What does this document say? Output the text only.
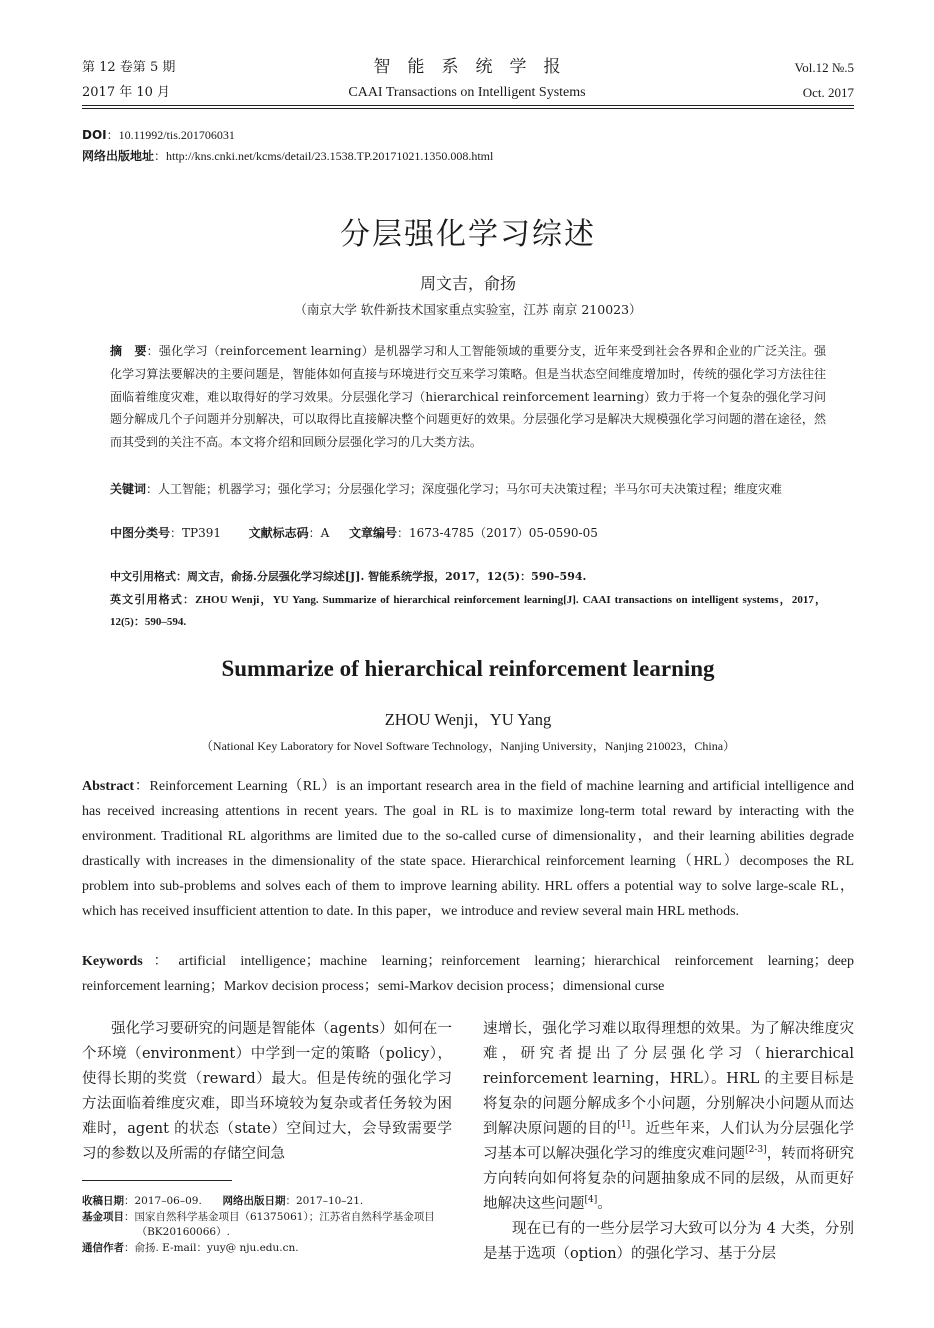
第 12 卷第 5 期
2017 年 10 月
智　能　系　统　学　报
CAAI Transactions on Intelligent Systems
Vol.12 №.5
Oct. 2017
DOI：10.11992/tis.201706031
网络出版地址：http://kns.cnki.net/kcms/detail/23.1538.TP.20171021.1350.008.html
分层强化学习综述
周文吉，俞扬
（南京大学 软件新技术国家重点实验室，江苏 南京 210023）
摘　要：强化学习（reinforcement learning）是机器学习和人工智能领域的重要分支，近年来受到社会各界和企业的广泛关注。强化学习算法要解决的主要问题是，智能体如何直接与环境进行交互来学习策略。但是当状态空间维度增加时，传统的强化学习方法往往面临着维度灾难，难以取得好的学习效果。分层强化学习（hierarchical reinforcement learning）致力于将一个复杂的强化学习问题分解成几个子问题并分别解决，可以取得比直接解决整个问题更好的效果。分层强化学习是解决大规模强化学习问题的潜在途径，然而其受到的关注不高。本文将介绍和回顾分层强化学习的几大类方法。
关键词：人工智能；机器学习；强化学习；分层强化学习；深度强化学习；马尔可夫决策过程；半马尔可夫决策过程；维度灾难
中图分类号：TP391 文献标志码：A 文章编号：1673-4785（2017）05-0590-05
中文引用格式：周文吉，俞扬.分层强化学习综述[J]. 智能系统学报，2017，12(5)：590–594.
英文引用格式：ZHOU Wenji，YU Yang. Summarize of hierarchical reinforcement learning[J]. CAAI transactions on intelligent systems，2017，12(5)：590–594.
Summarize of hierarchical reinforcement learning
ZHOU Wenji，YU Yang
（National Key Laboratory for Novel Software Technology，Nanjing University，Nanjing 210023，China）
Abstract：Reinforcement Learning（RL）is an important research area in the field of machine learning and artificial intelligence and has received increasing attentions in recent years. The goal in RL is to maximize long-term total reward by interacting with the environment. Traditional RL algorithms are limited due to the so-called curse of dimensionality，and their learning abilities degrade drastically with increases in the dimensionality of the state space. Hierarchical reinforcement learning（HRL）decomposes the RL problem into sub-problems and solves each of them to improve learning ability. HRL offers a potential way to solve large-scale RL，which has received insufficient attention to date. In this paper，we introduce and review several main HRL methods.
Keywords：artificial intelligence；machine learning；reinforcement learning；hierarchical reinforcement learning；deep reinforcement learning；Markov decision process；semi-Markov decision process；dimensional curse

强化学习要研究的问题是智能体（agents）如何在一个环境（environment）中学到一定的策略（policy），使得长期的奖赏（reward）最大。但是传统的强化学习方法面临着维度灾难，即当环境较为复杂或者任务较为困难时，agent 的状态（state）空间过大，会导致需要学习的参数以及所需的存储空间急

收稿日期：2017–06–09. 网络出版日期：2017–10–21.
基金项目：国家自然科学基金项目（61375061）；江苏省自然科学基金项目（BK20160066）.
通信作者：俞扬. E-mail：yuy@ nju.edu.cn.

速增长，强化学习难以取得理想的效果。为了解决维度灾难，研究者提出了分层强化学习（hierarchical reinforcement learning，HRL）。HRL 的主要目标是将复杂的问题分解成多个小问题，分别解决小问题从而达到解决原问题的目的[1]。近些年来，人们认为分层强化学习基本可以解决强化学习的维度灾难问题[2-3]，转而将研究方向转向如何将复杂的问题抽象成不同的层级，从而更好地解决这些问题[4]。

现在已有的一些分层学习大致可以分为 4 大类，分别是基于选项（option）的强化学习、基于分层
